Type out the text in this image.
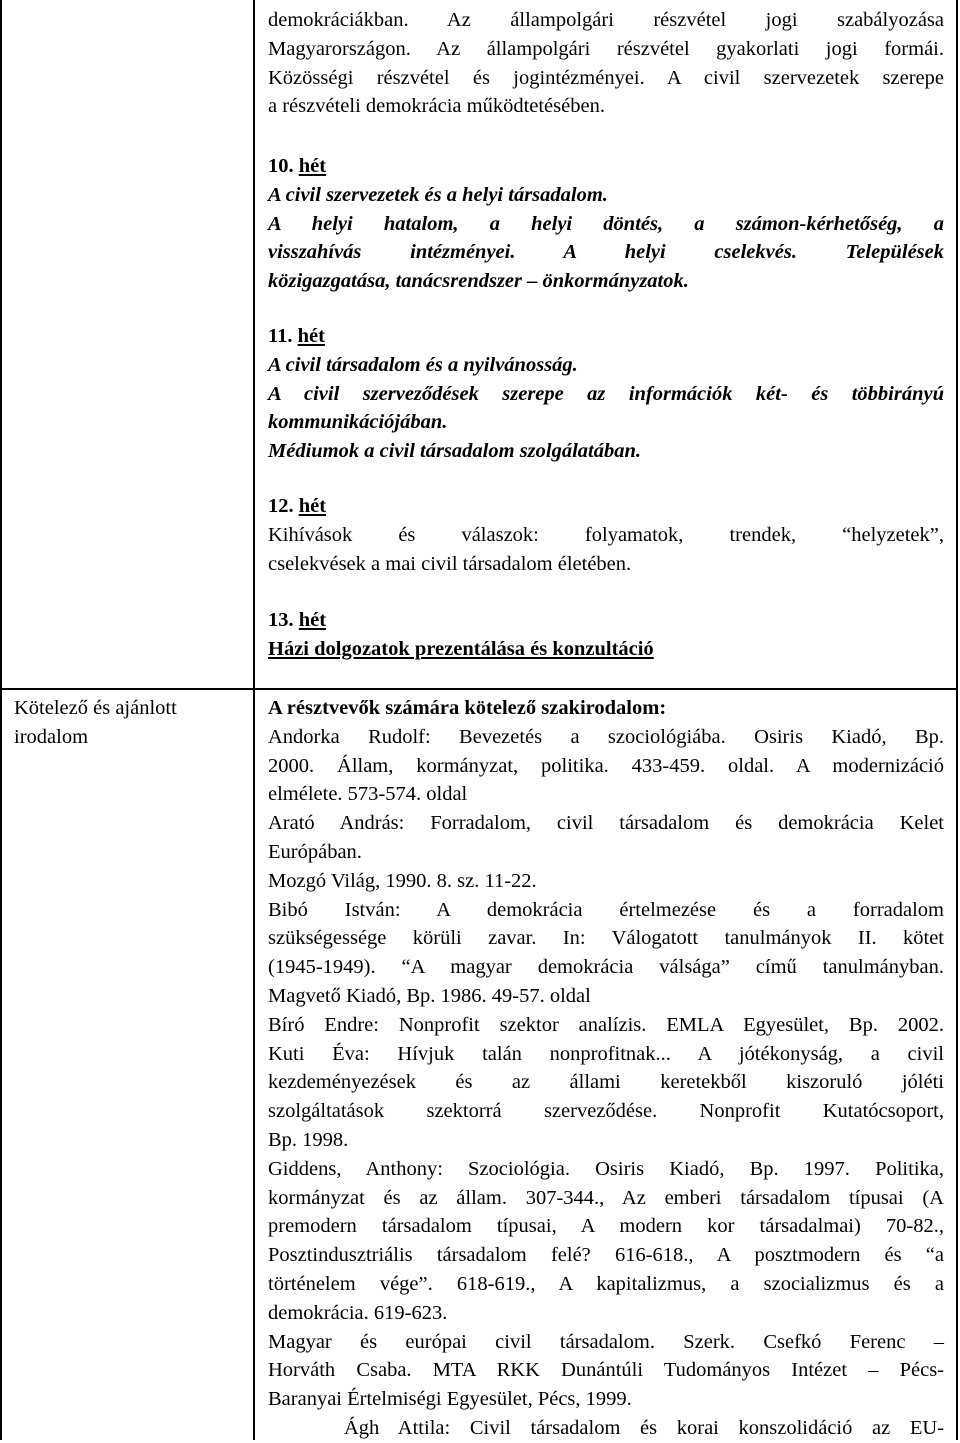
demokráciákban. Az állampolgári részvétel jogi szabályozása

Magyarországon. Az állampolgári részvétel gyakorlati jogi formái.

Közösségi részvétel és jogintézményei. A civil szervezetek szerepe

a részvételi demokrácia működtetésében.

10. hét

A civil szervezetek és a helyi társadalom.

A helyi hatalom, a helyi döntés, a számon-kérhetőség, a

visszahívás intézményei. A helyi cselekvés. Települések

közigazgatása, tanácsrendszer – önkormányzatok.

11. hét

A civil társadalom és a nyilvánosság.

A civil szerveződések szerepe az információk két- és többirányú

kommunikációjában.

Médiumok a civil társadalom szolgálatában.

12. hét

Kihívások és válaszok: folyamatok, trendek, “helyzetek”,

cselekvések a mai civil társadalom életében.

13. hét

Házi dolgozatok prezentálása és konzultáció

Kötelező és ajánlott
irodalom

A résztvevők számára kötelező szakirodalom:

Andorka Rudolf: Bevezetés a szociológiába. Osiris Kiadó, Bp.

2000. Állam, kormányzat, politika. 433-459. oldal. A modernizáció

elmélete. 573-574. oldal

Arató András: Forradalom, civil társadalom és demokrácia Kelet

Európában.

Mozgó Világ, 1990. 8. sz. 11-22.

Bibó István: A demokrácia értelmezése és a forradalom

szükségessége körüli zavar. In: Válogatott tanulmányok II. kötet

(1945-1949). “A magyar demokrácia válsága” című tanulmányban.

Magvető Kiadó, Bp. 1986. 49-57. oldal

Bíró Endre: Nonprofit szektor analízis. EMLA Egyesület, Bp. 2002.

Kuti Éva: Hívjuk talán nonprofitnak... A jótékonyság, a civil

kezdeményezések és az állami keretekből kiszoruló jóléti

szolgáltatások szektorrá szerveződése. Nonprofit Kutatócsoport,

Bp. 1998.

Giddens, Anthony: Szociológia. Osiris Kiadó, Bp. 1997. Politika,

kormányzat és az állam. 307-344., Az emberi társadalom típusai (A

premodern társadalom típusai, A modern kor társadalmai) 70-82.,

Posztindusztriális társadalom felé? 616-618., A posztmodern és “a

történelem vége”. 618-619., A kapitalizmus, a szocializmus és a

demokrácia. 619-623.

Magyar és európai civil társadalom. Szerk. Csefkó Ferenc –

Horváth Csaba. MTA RKK Dunántúli Tudományos Intézet – Pécs-

Baranyai Értelmiségi Egyesület, Pécs, 1999.

Ágh Attila: Civil társadalom és korai konszolidáció az EU-
